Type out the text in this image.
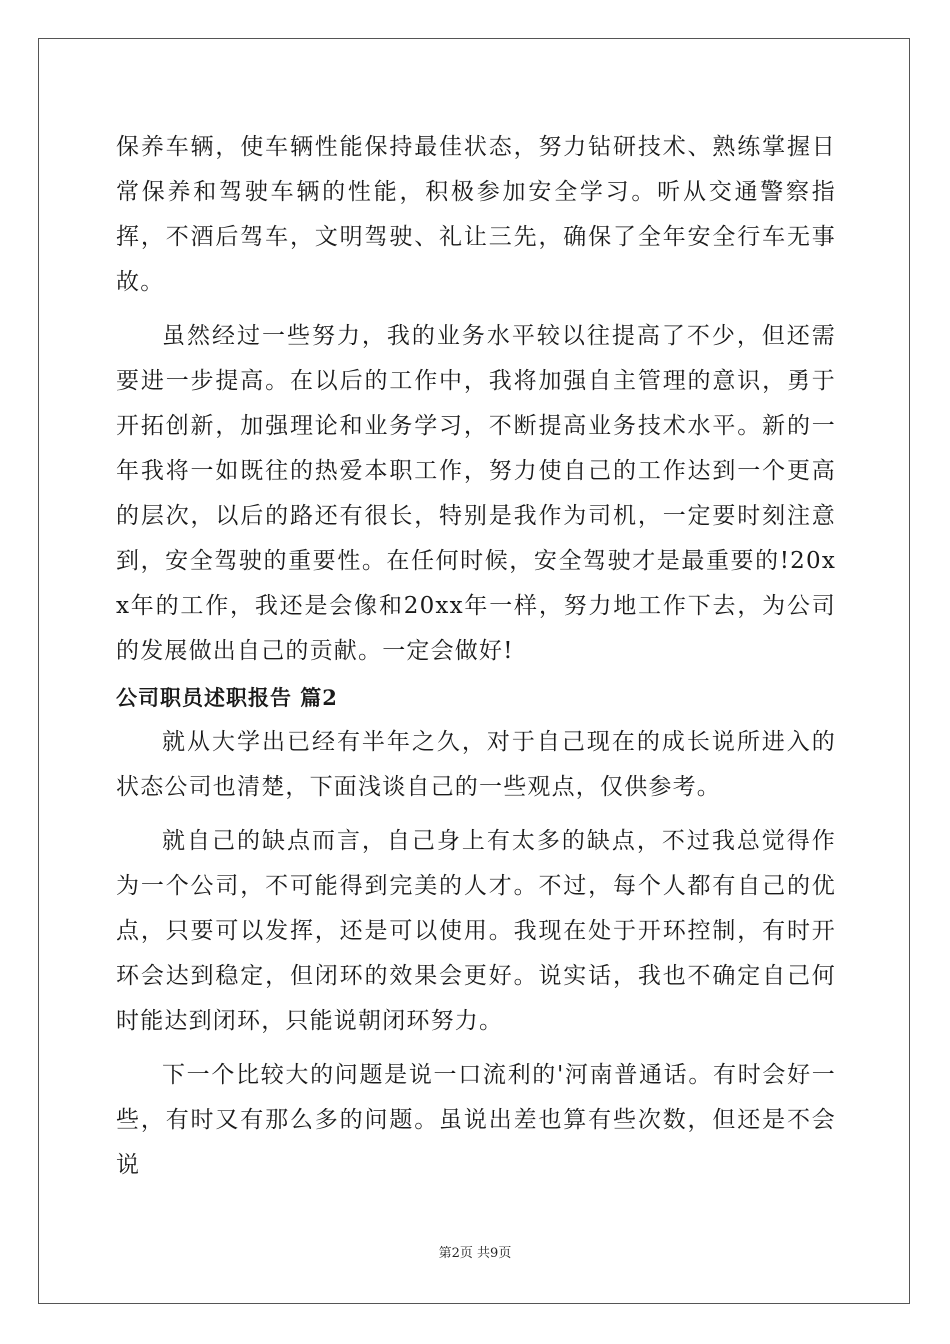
保养车辆，使车辆性能保持最佳状态，努力钻研技术、熟练掌握日常保养和驾驶车辆的性能，积极参加安全学习。听从交通警察指挥，不酒后驾车，文明驾驶、礼让三先，确保了全年安全行车无事故。

虽然经过一些努力，我的业务水平较以往提高了不少，但还需要进一步提高。在以后的工作中，我将加强自主管理的意识，勇于开拓创新，加强理论和业务学习，不断提高业务技术水平。新的一年我将一如既往的热爱本职工作，努力使自己的工作达到一个更高的层次，以后的路还有很长，特别是我作为司机，一定要时刻注意到，安全驾驶的重要性。在任何时候，安全驾驶才是最重要的!20xx年的工作，我还是会像和20xx年一样，努力地工作下去，为公司的发展做出自己的贡献。一定会做好!

公司职员述职报告 篇2

就从大学出已经有半年之久，对于自己现在的成长说所进入的状态公司也清楚，下面浅谈自己的一些观点，仅供参考。

就自己的缺点而言，自己身上有太多的缺点，不过我总觉得作为一个公司，不可能得到完美的人才。不过，每个人都有自己的优点，只要可以发挥，还是可以使用。我现在处于开环控制，有时开环会达到稳定，但闭环的效果会更好。说实话，我也不确定自己何时能达到闭环，只能说朝闭环努力。

下一个比较大的问题是说一口流利的'河南普通话。有时会好一些，有时又有那么多的问题。虽说出差也算有些次数，但还是不会说

第2页 共9页
